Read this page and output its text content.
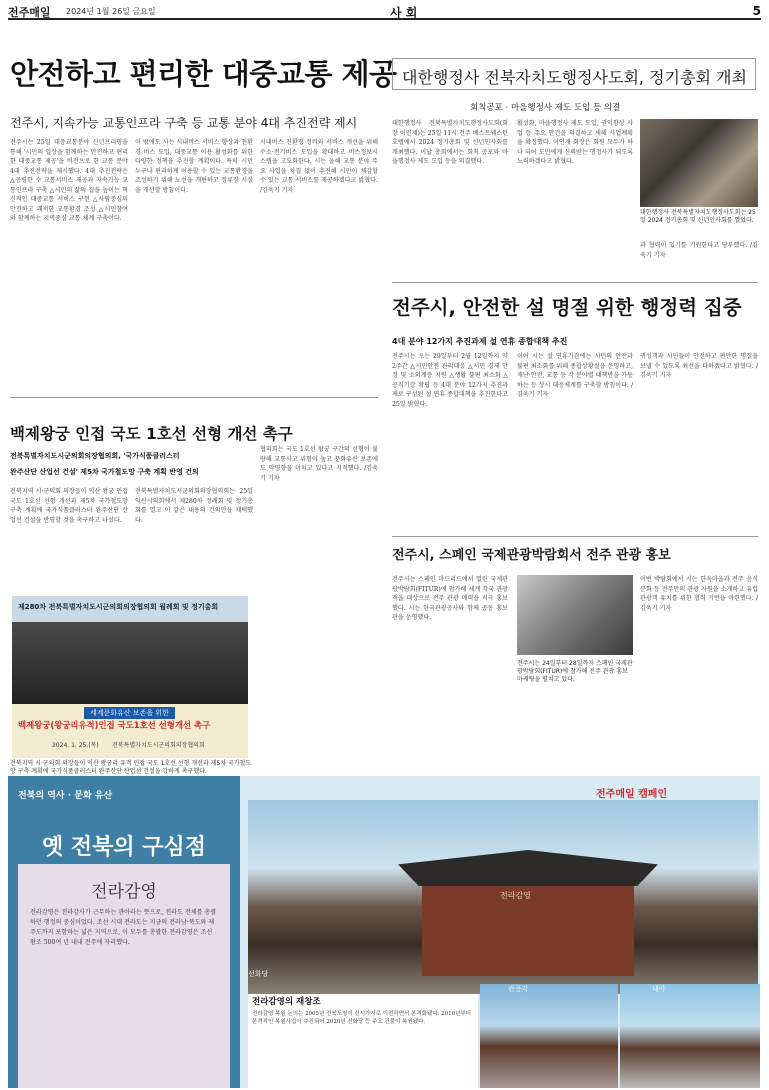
전주매일 2024년 1월 26일 금요일	사 회	5
안전하고 편리한 대중교통 제공
전주시, 지속가능 교통인프라 구축 등 교통 분야 4대 추진전략 제시
전주시는 25일 대중교통분야 신년브리핑을 통해 '시민의 일상을 함께하는 안전하고 편리한 대중교통 제공'을 비전으로 한 교통 분야 4대 추진전략을 제시했다. 4대 추진전략은 △공평한 수 교통서비스 제공과 지속가능 교통인프라 구축 △시민의 삶의 질을 높이는 혁신적인 대중교통 서비스 구현 △사람중심의 안전하고 쾌적한 교통환경 조성 △시민참여와 함께하는 지역중심 교통 체계 구축이다.
이 밖에도 시는 시내버스 서비스 향상과 친환경 버스 도입, 대중교통 이용 활성화를 위한 다양한 정책을 추진할 계획이다. 특히 시민 누구나 편리하게 이용할 수 있는 교통환경을 조성하기 위해 노선을 개편하고 정류장 시설을 개선할 방침이다.
시내버스 친환경 정비와 서비스 개선을 위해 수소·전기버스 도입을 확대하고 버스정보시스템을 고도화한다. 시는 올해 교통 분야 주요 사업을 차질 없이 추진해 시민이 체감할 수 있는 교통 서비스를 제공하겠다고 밝혔다. /김욱기 기자
대한행정사 전북자치도행정사도회, 정기총회 개최
회칙공포 · 마을행정사 제도 도입 등 의결
대한행정사 전북특별자치도행정사도회(회장 이인재)는 25일 11시 전주 베스트웨스턴호텔에서 2024 정기총회 및 신년인사회를 개최했다. 이날 총회에서는 회칙 공포와 마을행정사 제도 도입 등을 의결했다.
활성화, 마을행정사 제도 도입, 권익향상 사업 등 주요 안건을 의결하고 새해 사업계획을 확정했다. 이인재 회장은 회원 모두가 하나 되어 도민에게 신뢰받는 행정사가 되도록 노력하겠다고 밝혔다.
대한행정사 전북특별자치도행정사도회는 25일 2024 정기총회 및 신년인사회를 열었다.
과 협력이 있기를 기원한다고 당부했다. /김욱기 기자
전주시, 안전한 설 명절 위한 행정력 집중
4대 분야 12가지 추진과제 설 연휴 종합대책 추진
전주시는 오는 29일부터 2월 12일까지 약 2주간 △시민안전 관리대응 △서민 경제 안정 및 소외계층 지원 △생활 불편 최소화 △공직기강 확립 등 4대 분야 12가지 추진과제로 구성된 설 연휴 종합대책을 추진한다고 25일 밝혔다.
이어 시는 설 연휴기간에는 시민의 안전과 불편 최소화를 위해 종합상황실을 운영하고, 재난·안전, 교통 등 각 분야별 대책반을 가동하는 등 상시 대응체계를 구축할 방침이다. /김욱기 기자
귀성객과 시민들이 안전하고 편안한 명절을 보낼 수 있도록 최선을 다하겠다고 밝혔다. /김욱기 기자
백제왕궁 인접 국도 1호선 선형 개선 촉구
전북특별자치도시군의회의장협의회, '국가식품클러스터
완주산단 산업선 건설' 제5차 국가철도망 구축 계획 반영 건의
전북지역 시·군의회 의장들이 익산 왕궁 인접 국도 1호선 선형 개선과 제5차 국가철도망 구축 계획에 국가식품클러스터 완주산단 산업선 건설을 반영할 것을 촉구하고 나섰다.
전북특별자치도시군의회의장협의회는 25일 익산시의회에서 제280차 정례회 및 정기총회를 열고 이 같은 내용의 건의안을 채택했다.
협의회는 국도 1호선 왕궁 구간의 선형이 불량해 교통사고 위험이 높고 문화유산 보존에도 악영향을 미치고 있다고 지적했다. /김욱기 기자
제280차 전북특별자치도시군의회의장협의회 월례회 및 정기총회
세계문화유산 보존을 위한
백제왕궁(왕궁리유적)인접 국도1호선 선형개선 촉구
2024. 1. 25.(목) 전북특별자치도시군의회의장협의회
전북지역 시·군의회 의장들이 익산 왕궁리 유적 인접 국도 1호선 선형 개선과 제5차 국가철도망 구축 계획에 국가식품클러스터 완주산단 산업선 건설을 강하게 촉구했다.
전주시, 스페인 국제관광박람회서 전주 관광 홍보
전주시는 스페인 마드리드에서 열린 국제관광박람회(FITUR)에 참가해 세계 각국 관광객을 대상으로 전주 관광 매력을 적극 홍보했다. 시는 한국관광공사와 함께 공동 홍보관을 운영했다.
전주시는 24일부터 28일까지 스페인 국제관광박람회(FITUR)에 참가해 전주 관광 홍보 마케팅을 펼치고 있다.
이번 박람회에서 시는 한옥마을과 전주 음식 문화 등 전주만의 관광 자원을 소개하고 유럽 관광객 유치를 위한 협력 기반을 마련했다. /김욱기 기자
전북의 역사 · 문화 유산
옛 전북의 구심점
전라감영
전라감영은 전라감사가 근무하는 관아라는 뜻으로, 전라도 전체를 총괄하던 행정의 중심이었다. 조선 시대 전라도는 지금의 전라남·북도와 제주도까지 포함하는 넓은 지역으로, 이 모두를 총괄한 전라감영은 조선 왕조 500여 년 내내 전주에 자리했다.
전주매일 캠페인
전라감영
전라감영의 재창조
전라감영 복원 논의는 2005년 전북도청이 신시가지로 이전하면서 본격화됐다. 2010년부터 본격적인 복원사업이 추진되어 2020년 선화당 등 주요 건물이 복원됐다.
선화당
관풍각	내아
